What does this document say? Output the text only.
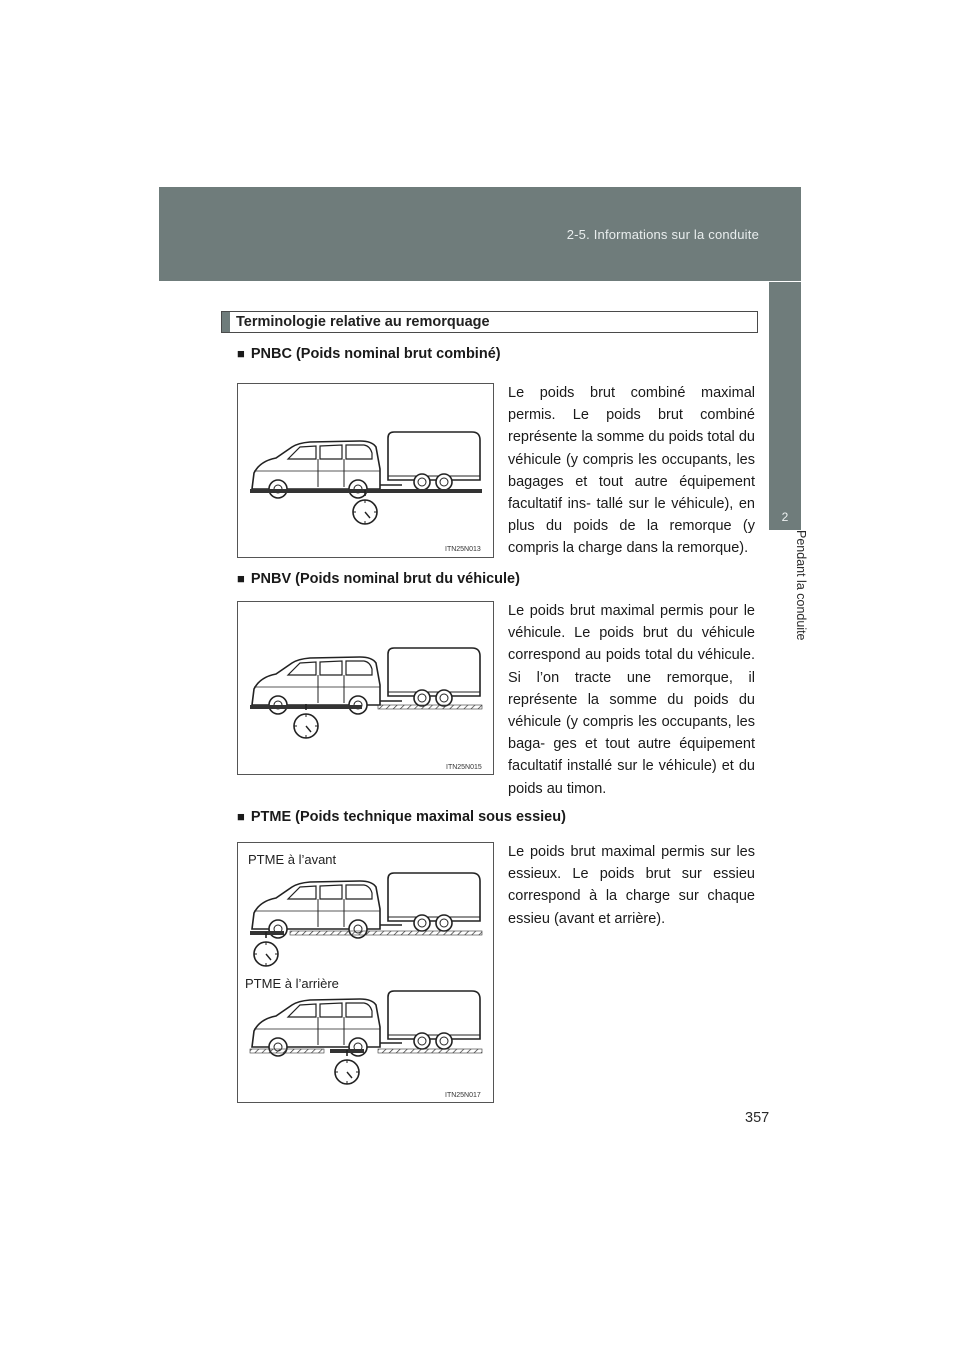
2-5. Informations sur la conduite
2
Pendant la conduite
Terminologie relative au remorquage
■ PNBC (Poids nominal brut combiné)
ITN25N013
Le poids brut combiné maximal permis. Le poids brut combiné représente la somme du poids total du véhicule (y compris les occupants, les bagages et tout autre équipement facultatif ins- tallé sur le véhicule), en plus du poids de la remorque (y compris la charge dans la remorque).
■ PNBV (Poids nominal brut du véhicule)
ITN25N015
Le poids brut maximal permis pour le véhicule. Le poids brut du véhicule correspond au poids total du véhicule. Si l’on tracte une remorque, il représente la somme du poids du véhicule (y compris les occupants, les baga- ges et tout autre équipement facultatif installé sur le véhicule) et du poids au timon.
■ PTME (Poids technique maximal sous essieu)
PTME à l’avant
PTME à l’arrière
ITN25N017
Le poids brut maximal permis sur les essieux. Le poids brut sur essieu correspond à la charge sur chaque essieu (avant et arrière).
357
